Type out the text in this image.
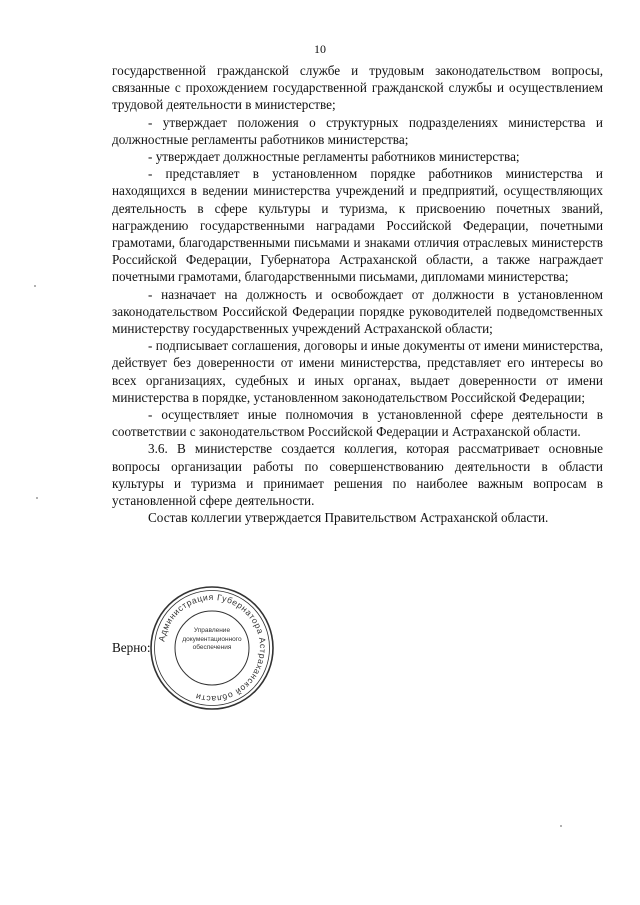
10

государственной гражданской службе и трудовым законодательством вопросы, связанные с прохождением государственной гражданской службы и осуществлением трудовой деятельности в министерстве;

- утверждает положения о структурных подразделениях министерства и должностные регламенты работников министерства;

- утверждает должностные регламенты работников министерства;

- представляет в установленном порядке работников министерства и находящихся в ведении министерства учреждений и предприятий, осуществляющих деятельность в сфере культуры и туризма, к присвоению почетных званий, награждению государственными наградами Российской Федерации, почетными грамотами, благодарственными письмами и знаками отличия отраслевых министерств Российской Федерации, Губернатора Астраханской области, а также награждает почетными грамотами, благодарственными письмами, дипломами министерства;

- назначает на должность и освобождает от должности в установленном законодательством Российской Федерации порядке руководителей подведомственных министерству государственных учреждений Астраханской области;

- подписывает соглашения, договоры и иные документы от имени министерства, действует без доверенности от имени министерства, представляет его интересы во всех организациях, судебных и иных органах, выдает доверенности от имени министерства в порядке, установленном законодательством Российской Федерации;

- осуществляет иные полномочия в установленной сфере деятельности в соответствии с законодательством Российской Федерации и Астраханской области.

3.6. В министерстве создается коллегия, которая рассматривает основные вопросы организации работы по совершенствованию деятельности в области культуры и туризма и принимает решения по наиболее важным вопросам в установленной сфере деятельности.

Состав коллегии утверждается Правительством Астраханской области.

Верно:
Администрация Губернатора Астраханской области
Управление
документационного
обеспечения
